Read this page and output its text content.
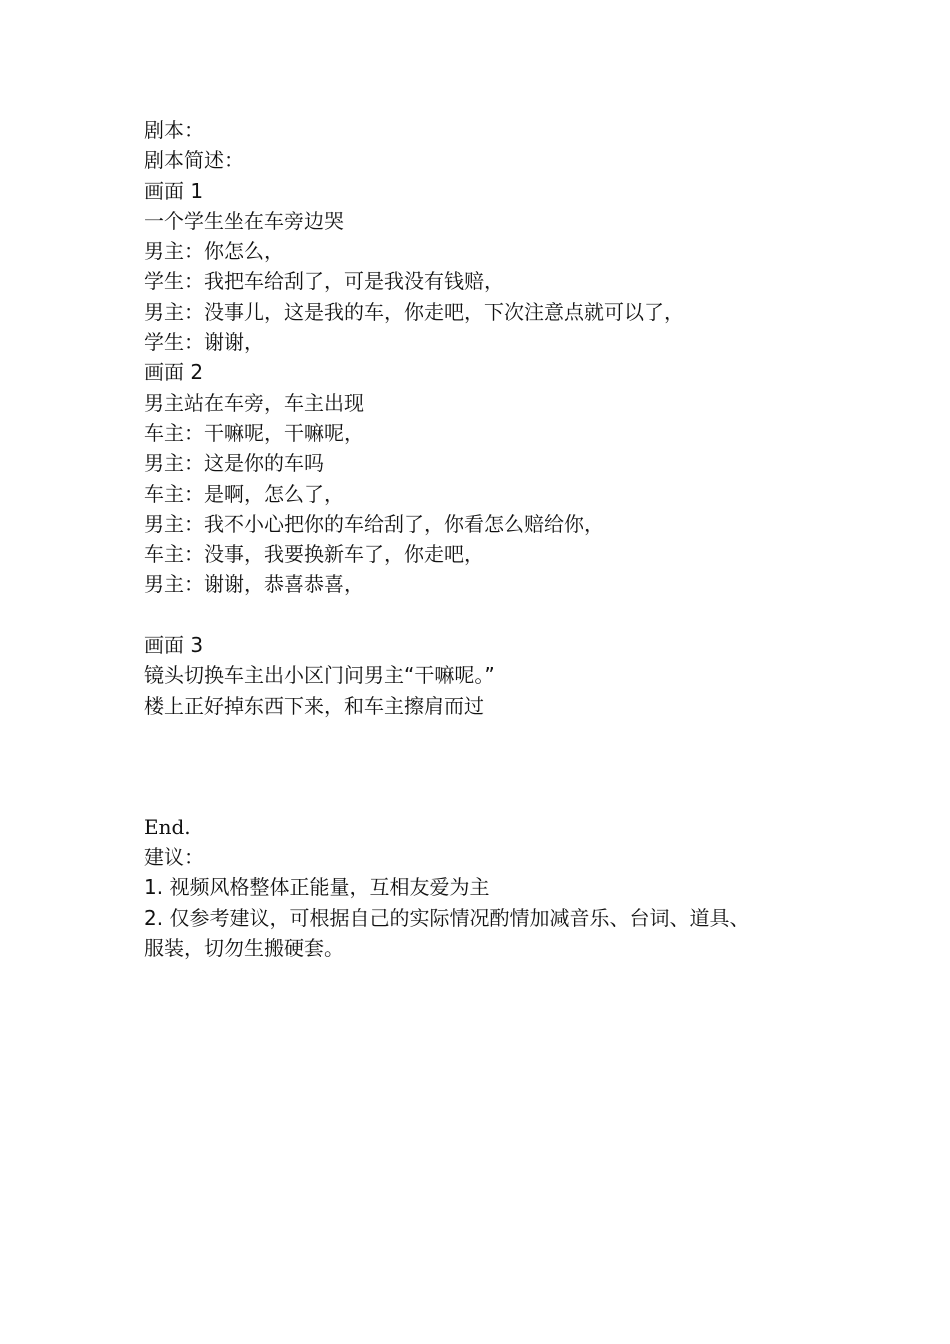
剧本：
剧本简述：
画面 1
一个学生坐在车旁边哭
男主：你怎么，
学生：我把车给刮了，可是我没有钱赔，
男主：没事儿，这是我的车，你走吧，下次注意点就可以了，
学生：谢谢，
画面 2
男主站在车旁，车主出现
车主：干嘛呢，干嘛呢，
男主：这是你的车吗
车主：是啊，怎么了，
男主：我不小心把你的车给刮了，你看怎么赔给你，
车主：没事，我要换新车了，你走吧，
男主：谢谢，恭喜恭喜，
画面 3
镜头切换车主出小区门问男主“干嘛呢。”
楼上正好掉东西下来，和车主擦肩而过
End.
建议：
1. 视频风格整体正能量，互相友爱为主
2. 仅参考建议，可根据自己的实际情况酌情加减音乐、台词、道具、服装，切勿生搬硬套。
